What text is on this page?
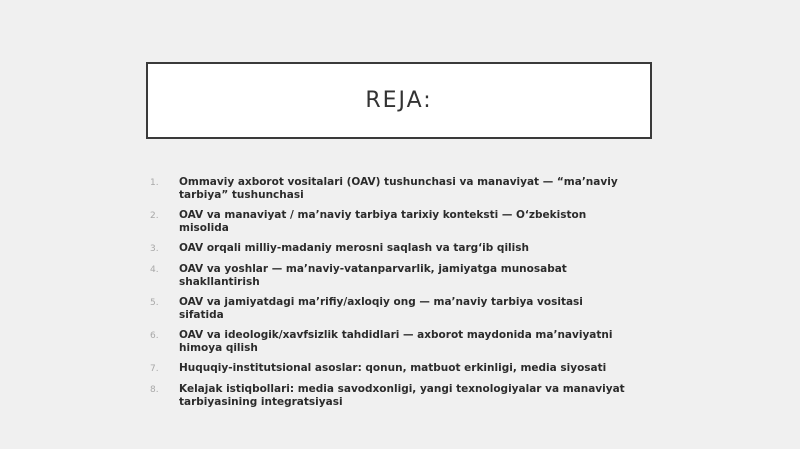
REJA:
1.	Ommaviy axborot vositalari (OAV) tushunchasi va manaviyat — “ma’naviy tarbiya” tushunchasi
2.	OAV va manaviyat / ma’naviy tarbiya tarixiy konteksti — O‘zbekiston misolida
3.	OAV orqali milliy-madaniy merosni saqlash va targ‘ib qilish
4.	OAV va yoshlar — ma’naviy-vatanparvarlik, jamiyatga munosabat shakllantirish
5.	OAV va jamiyatdagi ma’rifiy/axloqiy ong — ma’naviy tarbiya vositasi sifatida
6.	OAV va ideologik/xavfsizlik tahdidlari — axborot maydonida ma’naviyatni himoya qilish
7.	Huquqiy-institutsional asoslar: qonun, matbuot erkinligi, media siyosati
8.	Kelajak istiqbollari: media savodxonligi, yangi texnologiyalar va manaviyat tarbiyasining integratsiyasi
